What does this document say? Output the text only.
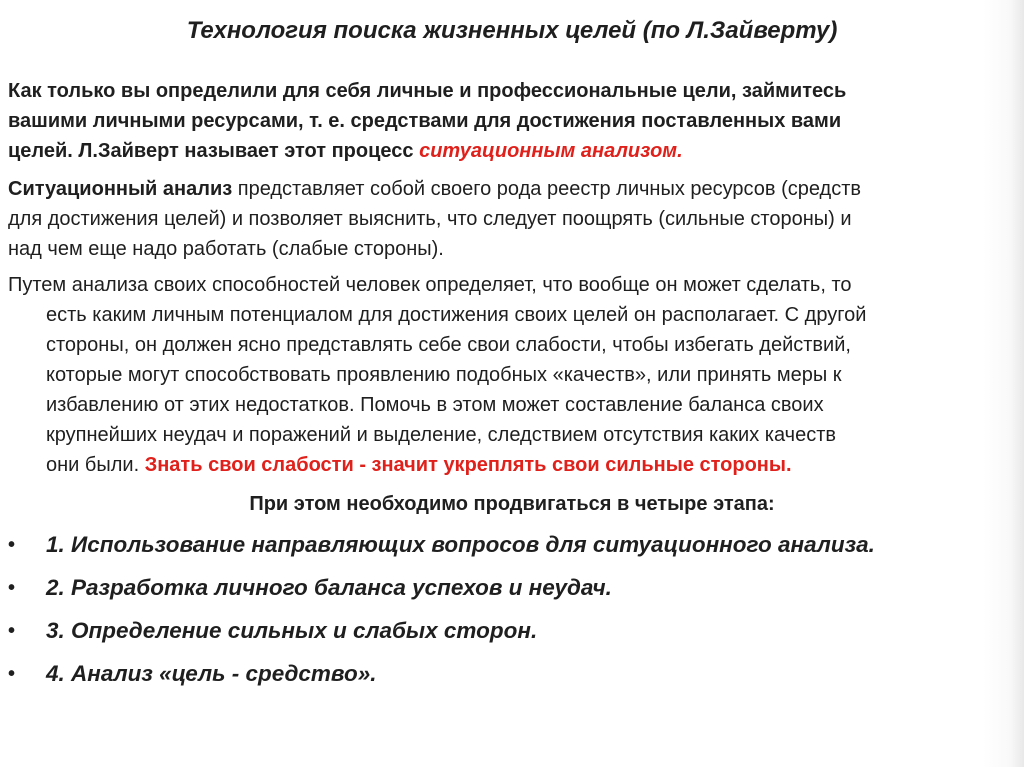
Технология поиска жизненных целей (по Л.Зайверту)

Как только вы определили для себя личные и профессиональные цели, займитесь
вашими личными ресурсами, т. е. средствами для достижения поставленных вами
целей. Л.Зайверт называет этот процесс ситуационным анализом.

Ситуационный анализ представляет собой своего рода реестр личных ресурсов (средств
для достижения целей) и позволяет выяснить, что следует поощрять (сильные стороны) и
над чем еще надо работать (слабые стороны).

Путем анализа своих способностей человек определяет, что вообще он может сделать, то
есть каким личным потенциалом для достижения своих целей он располагает. С другой
стороны, он должен ясно представлять себе свои слабости, чтобы избегать действий,
которые могут способствовать проявлению подобных «качеств», или принять меры к
избавлению от этих недостатков. Помочь в этом может составление баланса своих
крупнейших неудач и поражений и выделение, следствием отсутствия каких качеств
они были. Знать свои слабости - значит укреплять свои сильные стороны.

При этом необходимо продвигаться в четыре этапа:
•	1. Использование направляющих вопросов для ситуационного анализа.
•	2. Разработка личного баланса успехов и неудач.
•	3. Определение сильных и слабых сторон.
•	4. Анализ «цель - средство».
